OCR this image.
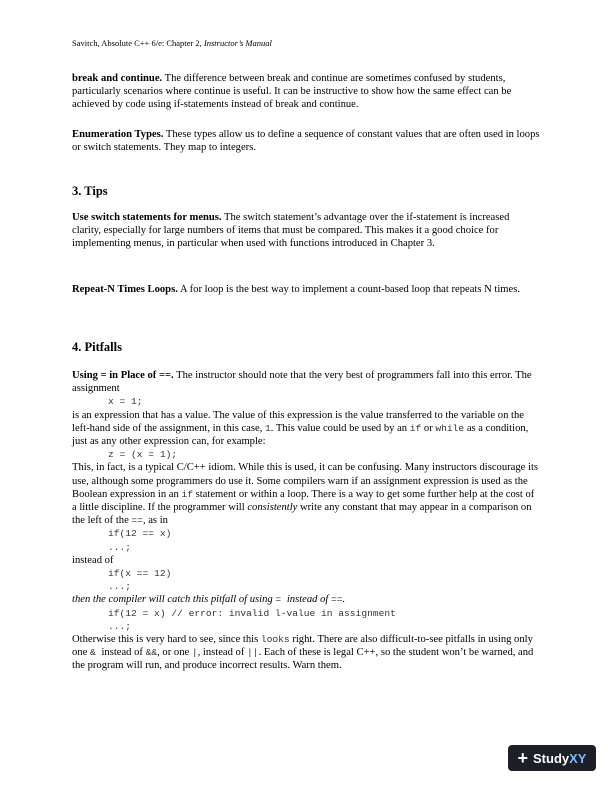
Savitch, Absolute C++ 6/e: Chapter 2, Instructor’s Manual

break and continue. The difference between break and continue are sometimes confused by students, particularly scenarios where continue is useful. It can be instructive to show how the same effect can be achieved by code using if-statements instead of break and continue.

Enumeration Types. These types allow us to define a sequence of constant values that are often used in loops or switch statements. They map to integers.

3. Tips

Use switch statements for menus. The switch statement’s advantage over the if-statement is increased clarity, especially for large numbers of items that must be compared. This makes it a good choice for implementing menus, in particular when used with functions introduced in Chapter 3.

Repeat-N Times Loops. A for loop is the best way to implement a count-based loop that repeats N times.

4. Pitfalls

Using = in Place of ==. The instructor should note that the very best of programmers fall into this error. The assignment

x = 1;

is an expression that has a value. The value of this expression is the value transferred to the variable on the left-hand side of the assignment, in this case, 1. This value could be used by an if or while as a condition, just as any other expression can, for example:

z = (x = 1);

This, in fact, is a typical C/C++ idiom. While this is used, it can be confusing. Many instructors discourage its use, although some programmers do use it. Some compilers warn if an assignment expression is used as the Boolean expression in an if statement or within a loop. There is a way to get some further help at the cost of a little discipline. If the programmer will consistently write any constant that may appear in a comparison on the left of the ==, as in

if(12 == x)
...;

instead of

if(x == 12)
...;

then the compiler will catch this pitfall of using = instead of ==.

if(12 = x) // error: invalid l-value in assignment
...;

Otherwise this is very hard to see, since this looks right. There are also difficult-to-see pitfalls in using only one & instead of &&, or one |, instead of ||. Each of these is legal C++, so the student won’t be warned, and the program will run, and produce incorrect results. Warn them.

+ StudyXY
